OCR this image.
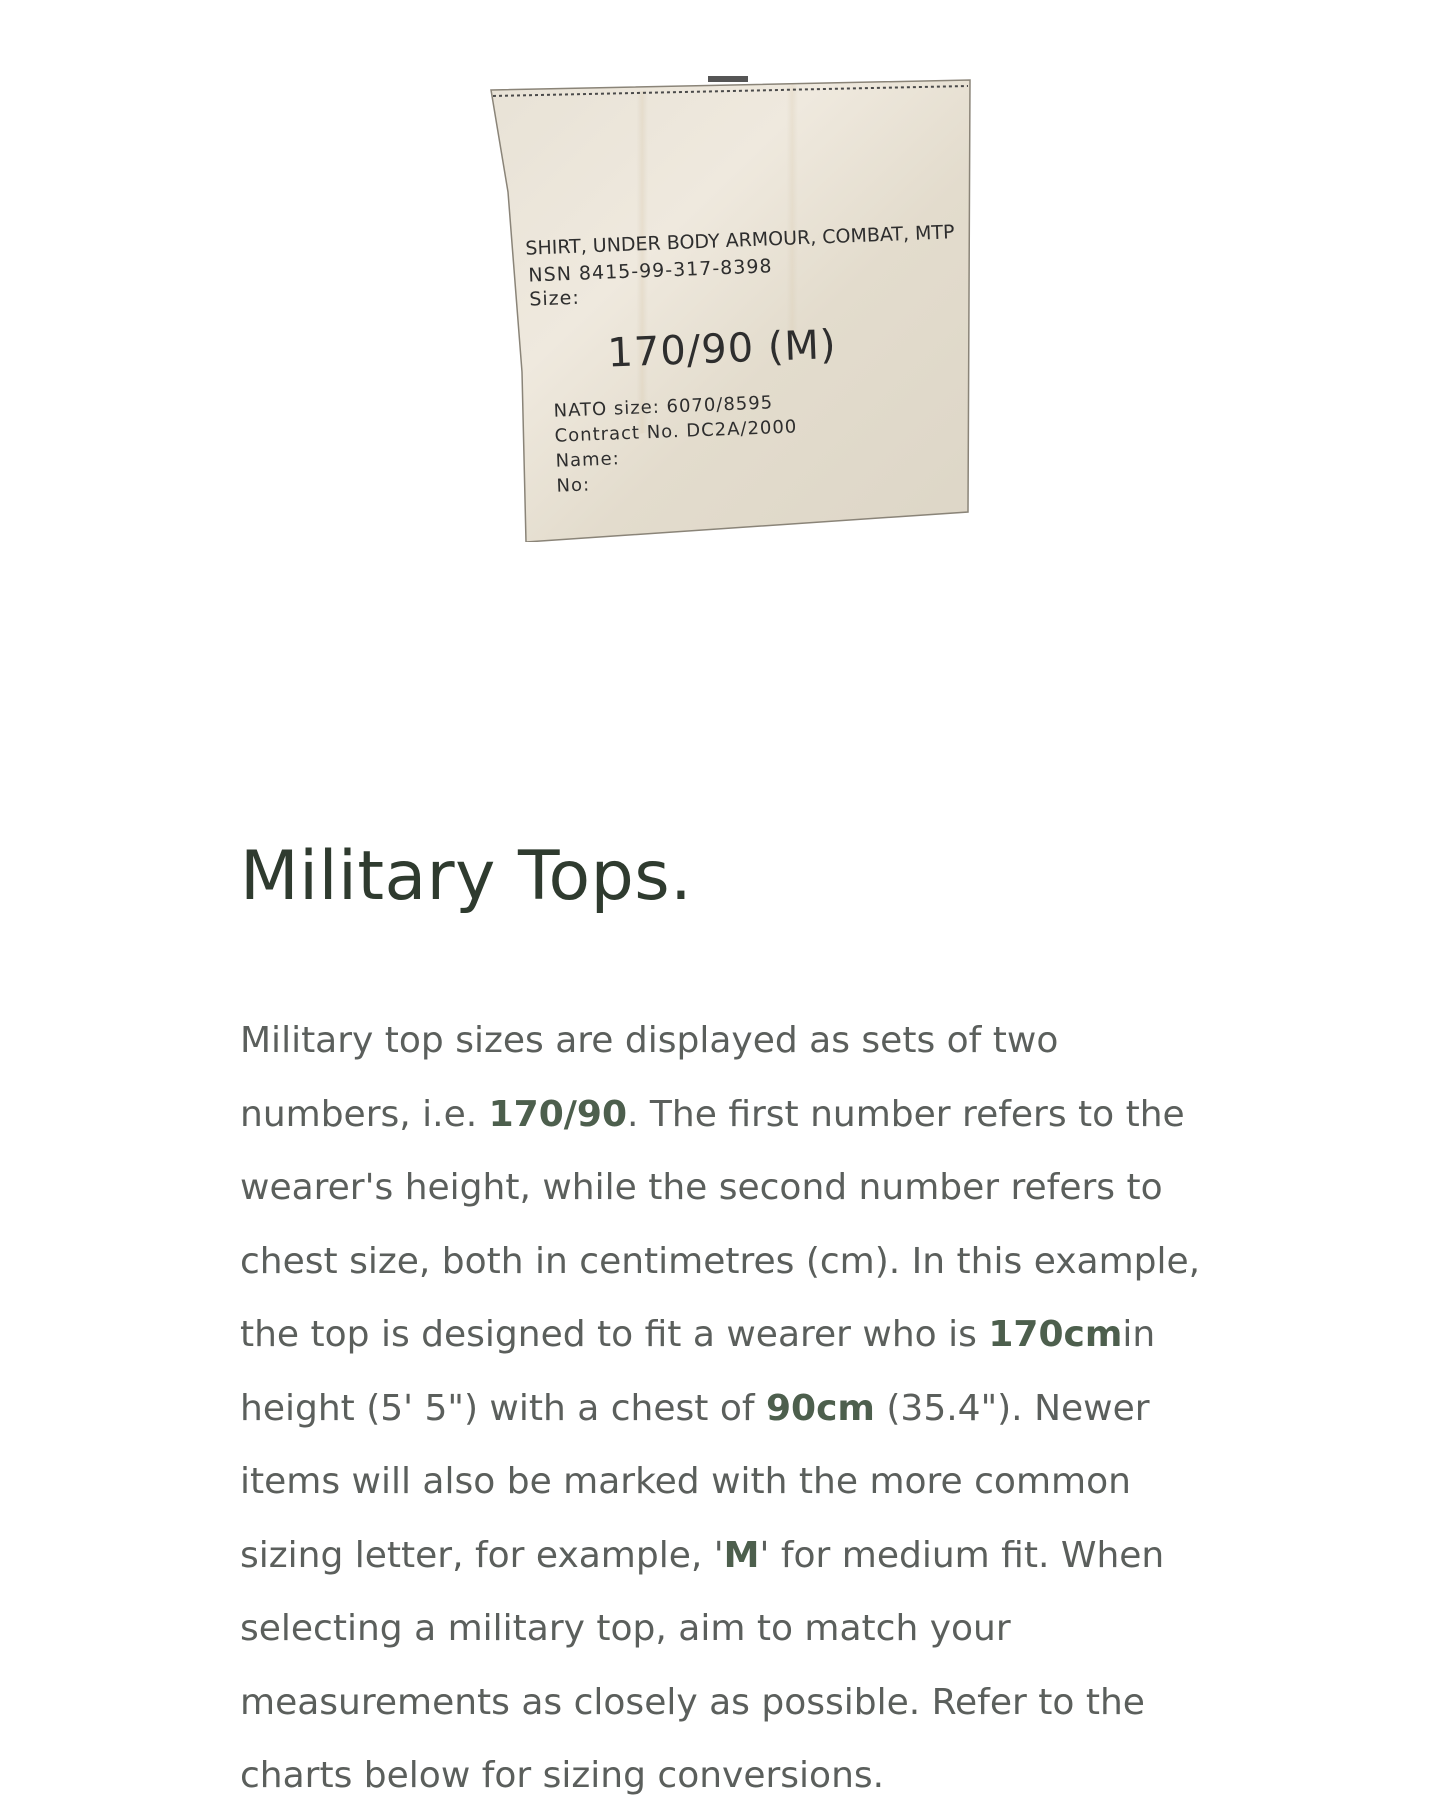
SHIRT, UNDER BODY ARMOUR, COMBAT, MTP
NSN 8415-99-317-8398
Size:
170/90 (M)
NATO size: 6070/8595
Contract No. DC2A/2000
Name:
No:
Military Tops.

Military top sizes are displayed as sets of two
numbers, i.e. 170/90. The first number refers to the
wearer's height, while the second number refers to
chest size, both in centimetres (cm). In this example,
the top is designed to fit a wearer who is 170cmin
height (5' 5") with a chest of 90cm (35.4"). Newer
items will also be marked with the more common
sizing letter, for example, 'M' for medium fit. When
selecting a military top, aim to match your
measurements as closely as possible. Refer to the
charts below for sizing conversions.
